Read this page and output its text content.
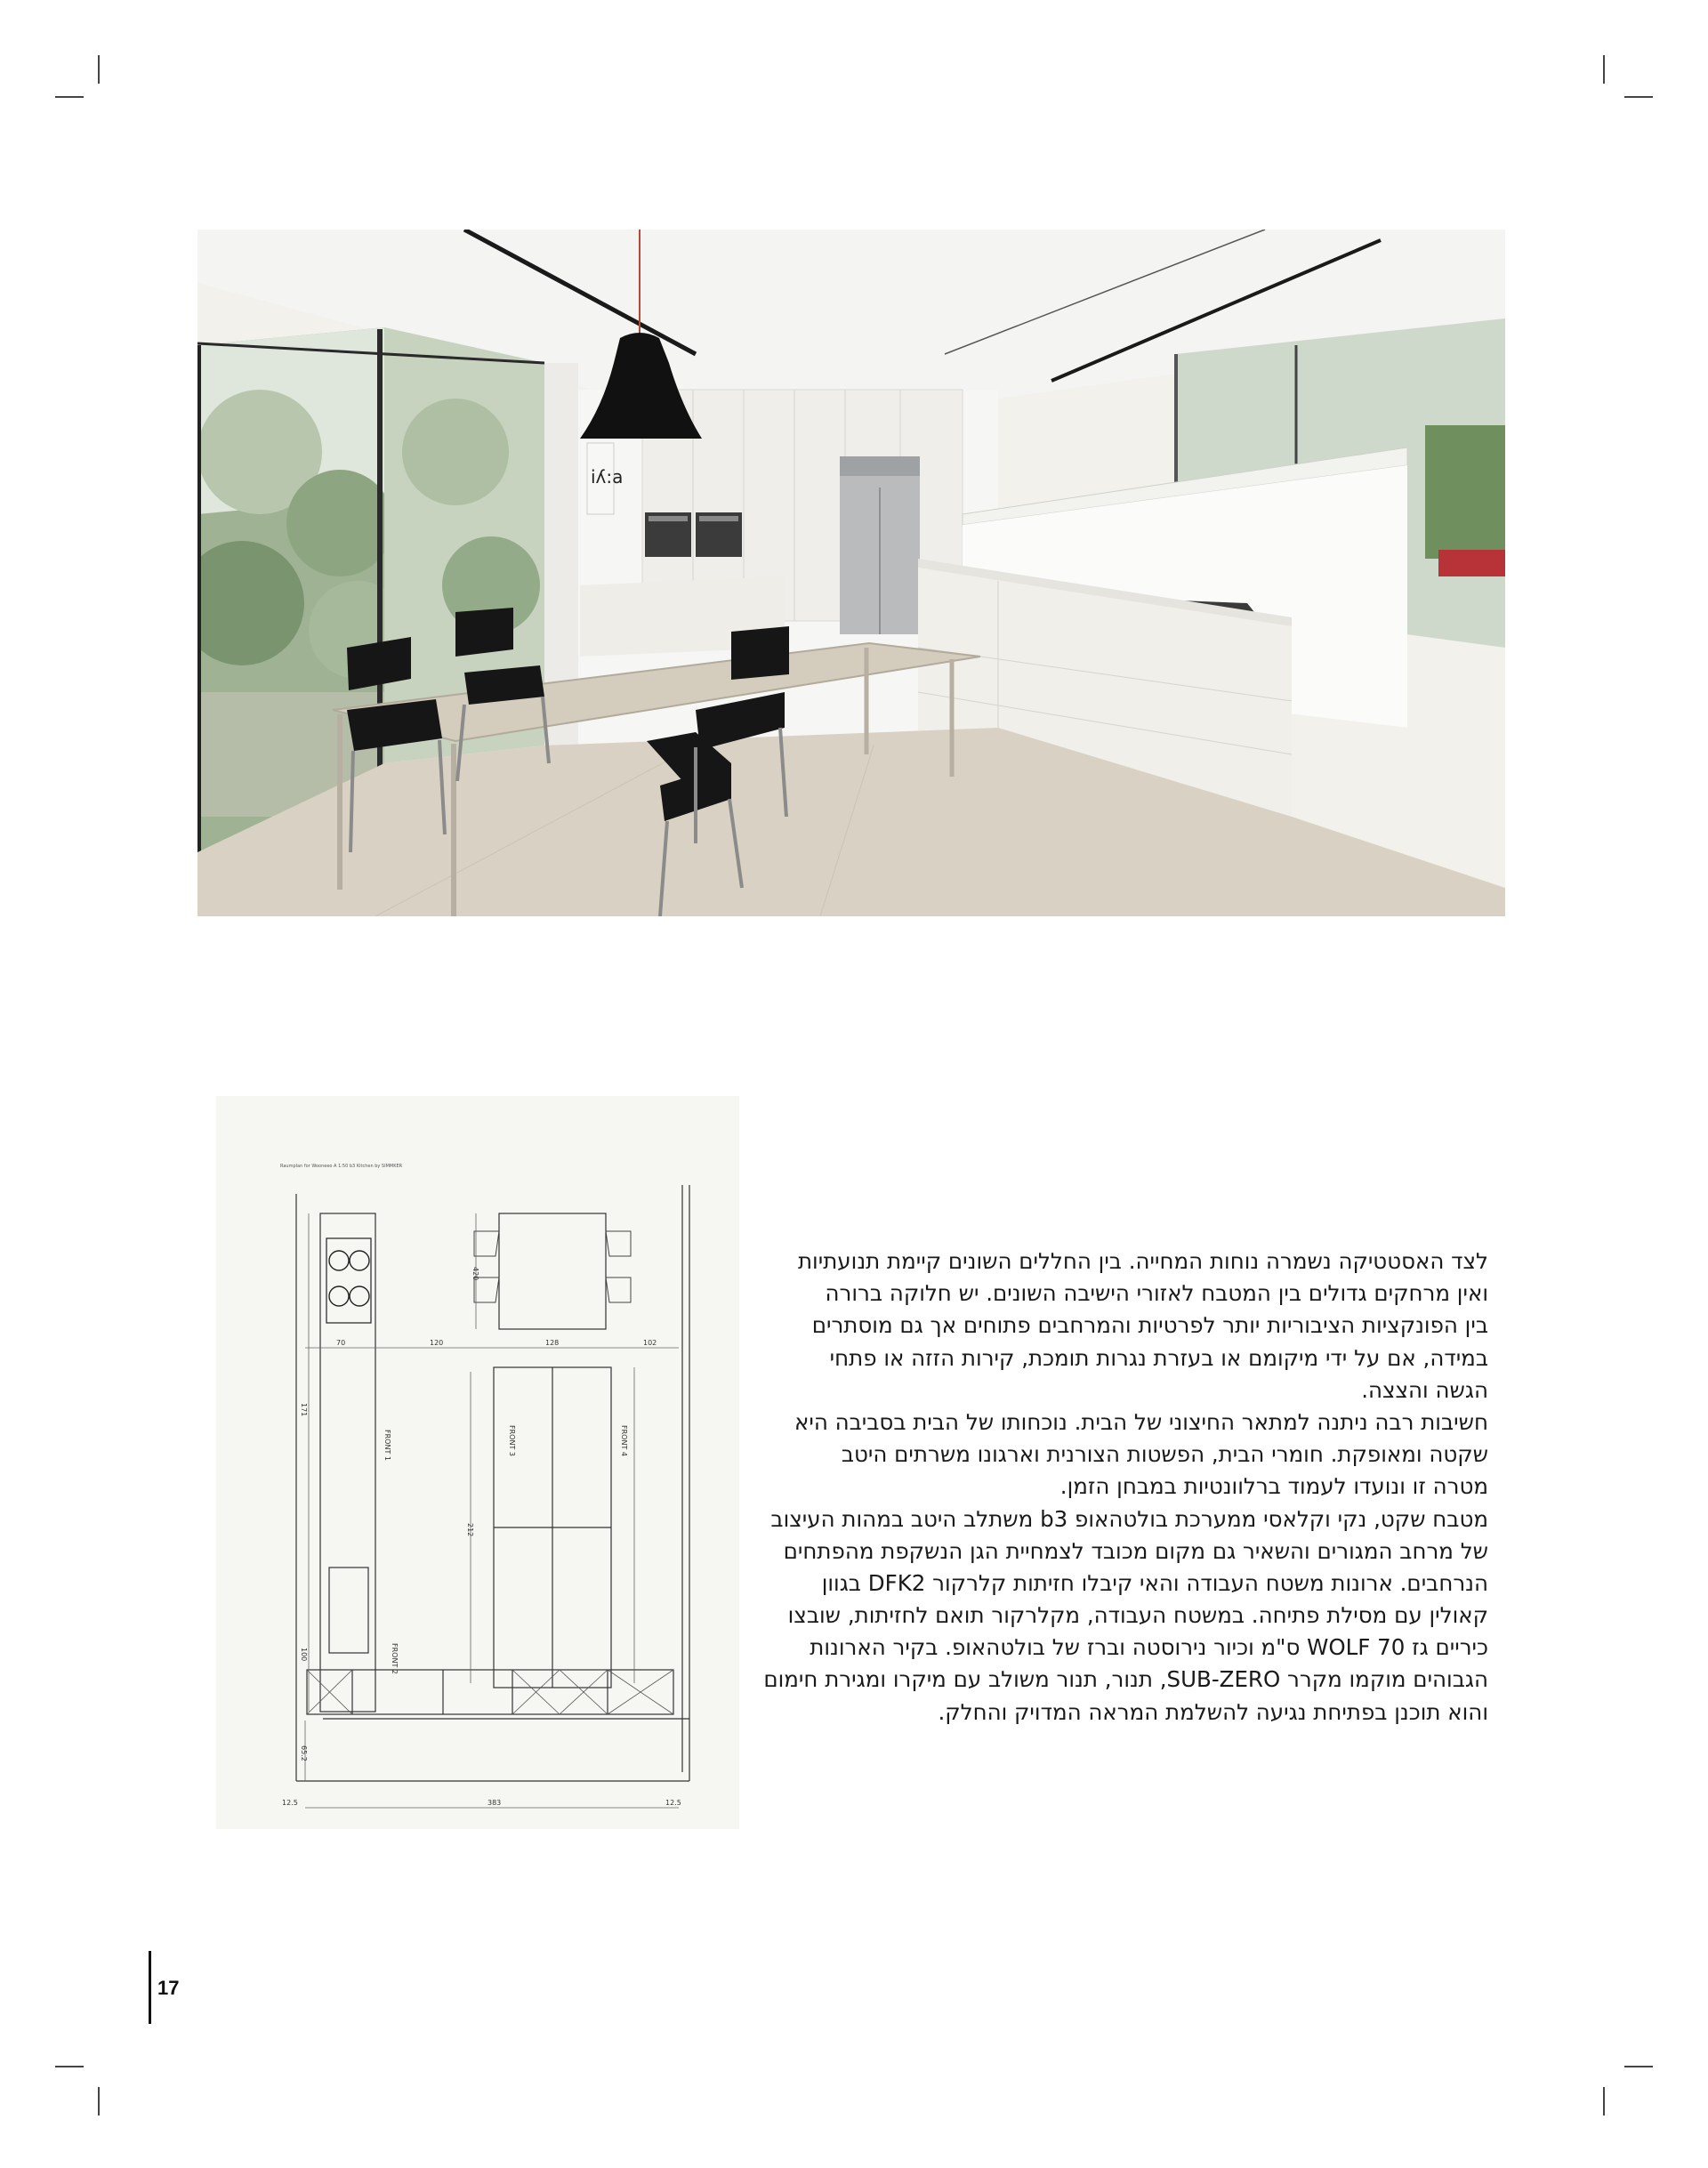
iʎ:a
Raumplan for Wooneeo A 1:50 b3 Kitchen by SIMMKER
70	120	128	102
171
212
420
100
65.2
12.5	383	12.5
FRONT 1	FRONT 3	FRONT 4
FRONT 2
לצד האסטטיקה נשמרה נוחות המחייה. בין החללים השונים קיימת תנועתיות
ואין מרחקים גדולים בין המטבח לאזורי הישיבה השונים. יש חלוקה ברורה
בין הפונקציות הציבוריות יותר לפרטיות והמרחבים פתוחים אך גם מוסתרים
במידה, אם על ידי מיקומם או בעזרת נגרות תומכת, קירות הזזה או פתחי
הגשה והצצה.
חשיבות רבה ניתנה למתאר החיצוני של הבית. נוכחותו של הבית בסביבה היא
שקטה ומאופקת. חומרי הבית, הפשטות הצורנית וארגונו משרתים היטב
מטרה זו ונועדו לעמוד ברלוונטיות במבחן הזמן.
מטבח שקט, נקי וקלאסי ממערכת בולטהאופ b3 משתלב היטב במהות העיצוב
של מרחב המגורים והשאיר גם מקום מכובד לצמחיית הגן הנשקפת מהפתחים
הנרחבים. ארונות משטח העבודה והאי קיבלו חזיתות קלרקור DFK2 בגוון
קאולין עם מסילת פתיחה. במשטח העבודה, מקלרקור תואם לחזיתות, שובצו
כיריים גז WOLF 70 ס"מ וכיור נירוסטה וברז של בולטהאופ. בקיר הארונות
הגבוהים מוקמו מקרר SUB-ZERO, תנור, תנור משולב עם מיקרו ומגירת חימום
והוא תוכנן בפתיחת נגיעה להשלמת המראה המדויק והחלק.
17
